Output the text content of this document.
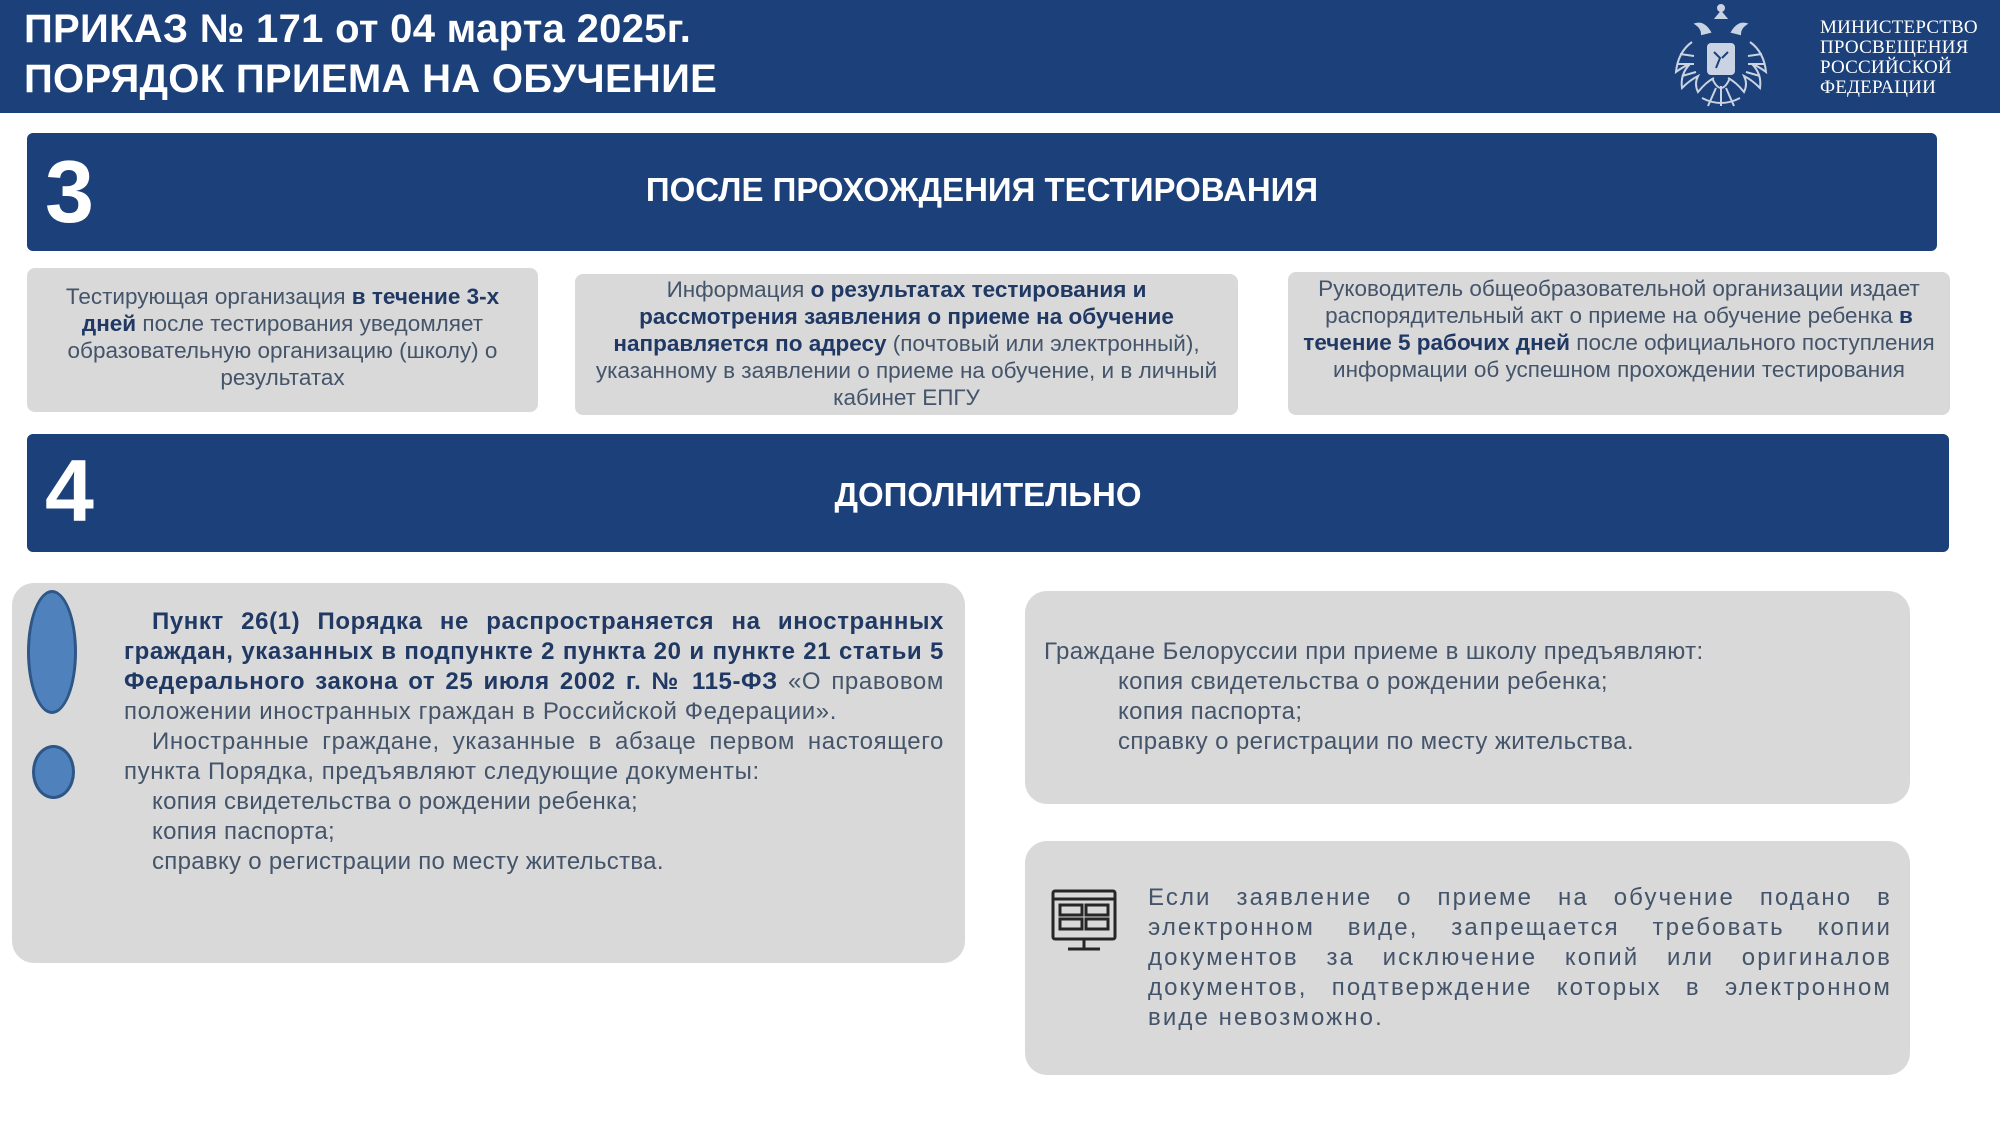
ПРИКАЗ № 171 от 04 марта 2025г.
ПОРЯДОК ПРИЕМА НА ОБУЧЕНИЕ
МИНИСТЕРСТВО
ПРОСВЕЩЕНИЯ
РОССИЙСКОЙ
ФЕДЕРАЦИИ
3	ПОСЛЕ ПРОХОЖДЕНИЯ ТЕСТИРОВАНИЯ
Тестирующая организация в течение 3-х дней после тестирования уведомляет образовательную организацию (школу) о результатах
Информация о результатах тестирования и рассмотрения заявления о приеме на обучение направляется по адресу (почтовый или электронный), указанному в заявлении о приеме на обучение, и в личный кабинет ЕПГУ
Руководитель общеобразовательной организации издает распорядительный акт о приеме на обучение ребенка в течение 5 рабочих дней после официального поступления информации об успешном прохождении тестирования
4	ДОПОЛНИТЕЛЬНО

Пункт 26(1) Порядка не распространяется на иностранных граждан, указанных в подпункте 2 пункта 20 и пункте 21 статьи 5 Федерального закона от 25 июля 2002 г. № 115-ФЗ «О правовом положении иностранных граждан в Российской Федерации».

Иностранные граждане, указанные в абзаце первом настоящего пункта Порядка, предъявляют следующие документы:

копия свидетельства о рождении ребенка;

копия паспорта;

справку о регистрации по месту жительства.

Граждане Белоруссии при приеме в школу предъявляют:

копия свидетельства о рождении ребенка;

копия паспорта;

справку о регистрации по месту жительства.

Если заявление о приеме на обучение подано в электронном виде, запрещается требовать копии документов за исключение копий или оригиналов документов, подтверждение которых в электронном виде невозможно.
